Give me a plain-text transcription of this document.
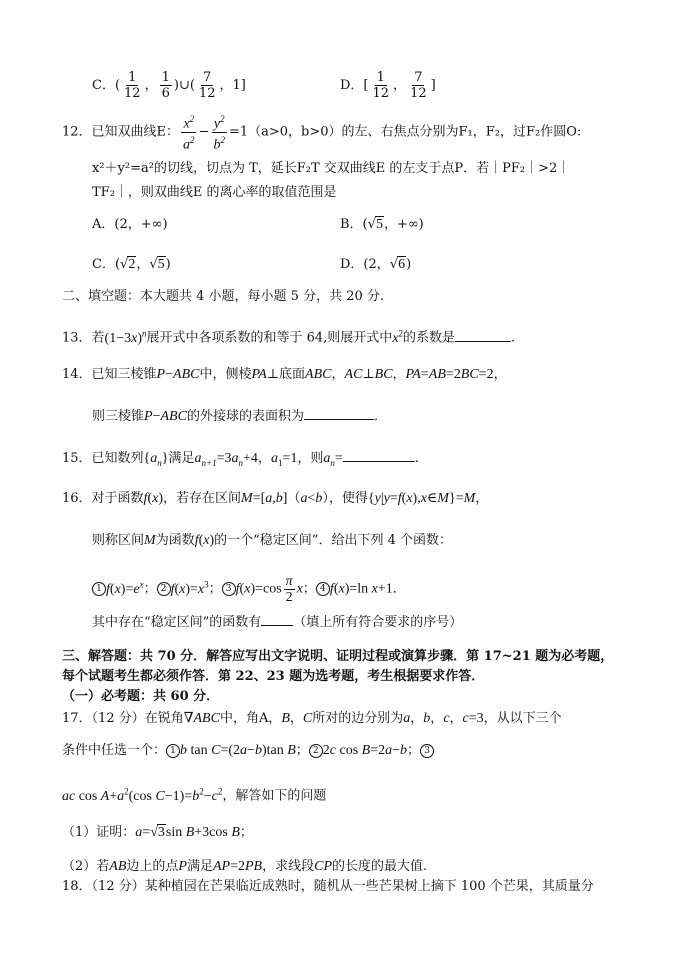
C．( $\frac{1}{12}$ ， $\frac{1}{6}$ )∪( $\frac{7}{12}$ ，1]	D．[ $\frac{1}{12}$ ， $\frac{7}{12}$ ]
12．已知双曲线E： $\frac{x^2}{a^2} - \frac{y^2}{b^2} =1(a>0$，b>0）的左、右焦点分别为F₁，F₂，过F₂作圆O:
x²＋y²=a²的切线，切点为 T，延长F₂T 交双曲线E 的左支于点P．若｜PF₂｜>2｜
TF₂｜，则双曲线E 的离心率的取值范围是
A．(2，+∞)	B．(√5，+∞)
C．(√2，√5)	D．(2，√6)
二、填空题：本大题共 4 小题，每小题 5 分，共 20 分.
13．若$(1-3x)^n$展开式中各项系数的和等于 64,则展开式中$x^2$的系数是	.
14．已知三棱锥P−ABC中，侧棱PA⊥底面ABC，AC⊥BC，PA=AB=2BC=2，
则三棱锥P−ABC的外接球的表面积为	．
15．已知数列$\{a_n\}$满足$a_{n+1}=3a_n+4$，$a_1=1$，则$a_n=$	.
16．对于函数f(x)，若存在区间M=[a,b]（a<b），使得{y|y=f(x),x∈M}=M，
则称区间M为函数f(x)的一个“稳定区间”．给出下列 4 个函数：
1 $f(x)=e^x$； 2 $f(x)=x^3$； 3 $f(x)=\cos \frac{\pi}{2}$ x； 4 f(x)=ln x+1．
其中存在“稳定区间”的函数有 （填上所有符合要求的序号）
三、解答题：共 70 分．解答应写出文字说明、证明过程或演算步骤．第 17~21 题为必考题，
每个试题考生都必须作答．第 22、23 题为选考题，考生根据要求作答．
（一）必考题：共 60 分．
17．（12 分）在锐角∇ABC中，角A，B，C所对的边分别为a，b，c，c=3，从以下三个
条件中任选一个： 1 b tan C=(2a−b)tan B； 2 2c cos B=2a−b； 3
ac $\cos A+a^2(\cos$ $C-1)=b^2-c^2$，解答如下的问题
（1）证明：a=√3sin B+3cos B；
（2）若AB边上的点P满足AP=2PB，求线段CP的长度的最大值.
18．（12 分）某种植园在芒果临近成熟时，随机从一些芒果树上摘下 100 个芒果，其质量分
